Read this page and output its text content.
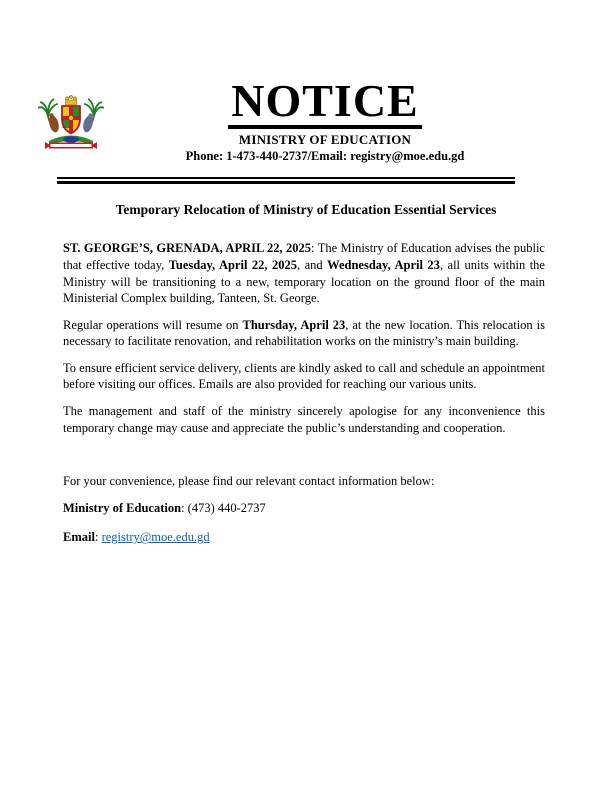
NOTICE
MINISTRY OF EDUCATION
Phone: 1-473-440-2737/Email: registry@moe.edu.gd
Temporary Relocation of Ministry of Education Essential Services

ST. GEORGE’S, GRENADA, APRIL 22, 2025: The Ministry of Education advises the public that effective today, Tuesday, April 22, 2025, and Wednesday, April 23, all units within the Ministry will be transitioning to a new, temporary location on the ground floor of the main Ministerial Complex building, Tanteen, St. George.

Regular operations will resume on Thursday, April 23, at the new location. This relocation is necessary to facilitate renovation, and rehabilitation works on the ministry’s main building.

To ensure efficient service delivery, clients are kindly asked to call and schedule an appointment before visiting our offices. Emails are also provided for reaching our various units.

The management and staff of the ministry sincerely apologise for any inconvenience this temporary change may cause and appreciate the public’s understanding and cooperation.

For your convenience, please find our relevant contact information below:

Ministry of Education: (473) 440-2737

Email: registry@moe.edu.gd
